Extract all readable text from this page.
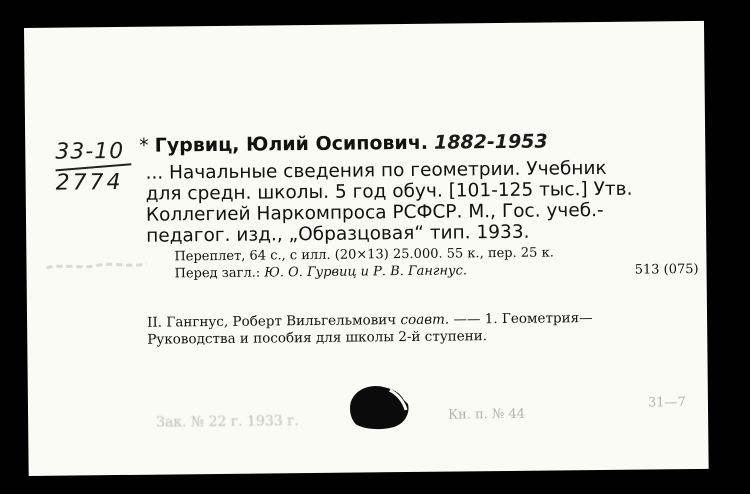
33-10
2774
* Гурвиц, Юлий Осипович. 1882-1953
... Начальные сведения по геометрии. Учебник
для средн. школы. 5 год обуч. [101-125 тыс.] Утв.
Коллегией Наркомпроса РСФСР. М., Гос. учеб.-
педагог. изд., „Образцовая“ тип. 1933.
Переплет, 64 с., с илл. (20×13) 25.000. 55 к., пер. 25 к.
Перед загл.: Ю. О. Гурвиц и Р. В. Гангнус.	513 (075)
II. Гангнус, Роберт Вильгельмович соавт. —— 1. Геометрия—
Руководства и пособия для школы 2-й ступени.
Зак. № 22 г. 1933 г.	Кн. п. № 44
31—7
